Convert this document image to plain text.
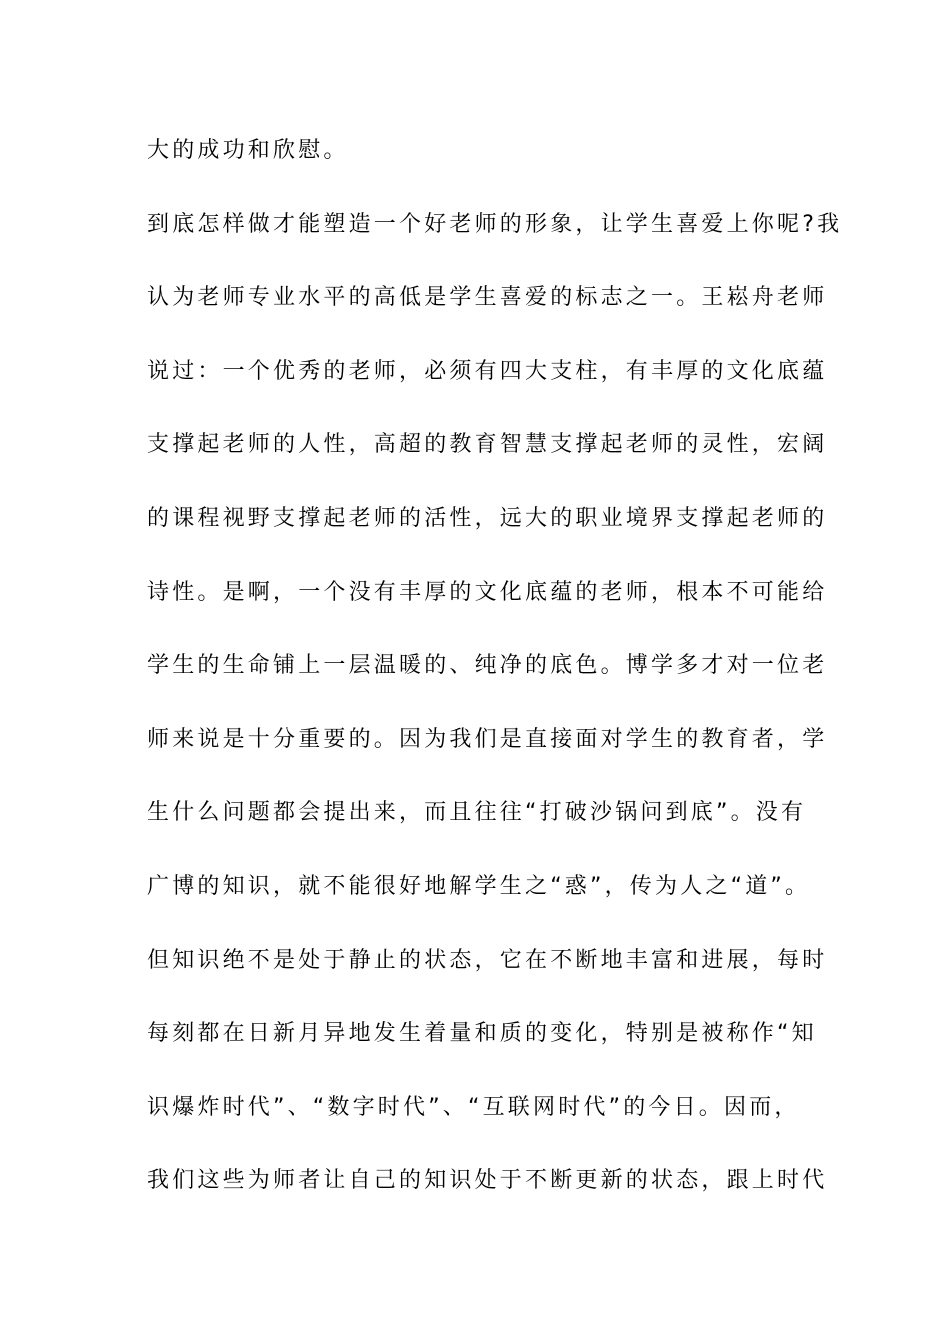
大的成功和欣慰。
到底怎样做才能塑造一个好老师的形象，让学生喜爱上你呢?我
认为老师专业水平的高低是学生喜爱的标志之一。王崧舟老师
说过：一个优秀的老师，必须有四大支柱，有丰厚的文化底蕴
支撑起老师的人性，高超的教育智慧支撑起老师的灵性，宏阔
的课程视野支撑起老师的活性，远大的职业境界支撑起老师的
诗性。是啊，一个没有丰厚的文化底蕴的老师，根本不可能给
学生的生命铺上一层温暖的、纯净的底色。博学多才对一位老
师来说是十分重要的。因为我们是直接面对学生的教育者，学
生什么问题都会提出来，而且往往“打破沙锅问到底”。没有
广博的知识，就不能很好地解学生之“惑”，传为人之“道”。
但知识绝不是处于静止的状态，它在不断地丰富和进展，每时
每刻都在日新月异地发生着量和质的变化，特别是被称作“知
识爆炸时代”、“数字时代”、“互联网时代”的今日。因而，
我们这些为师者让自己的知识处于不断更新的状态，跟上时代
